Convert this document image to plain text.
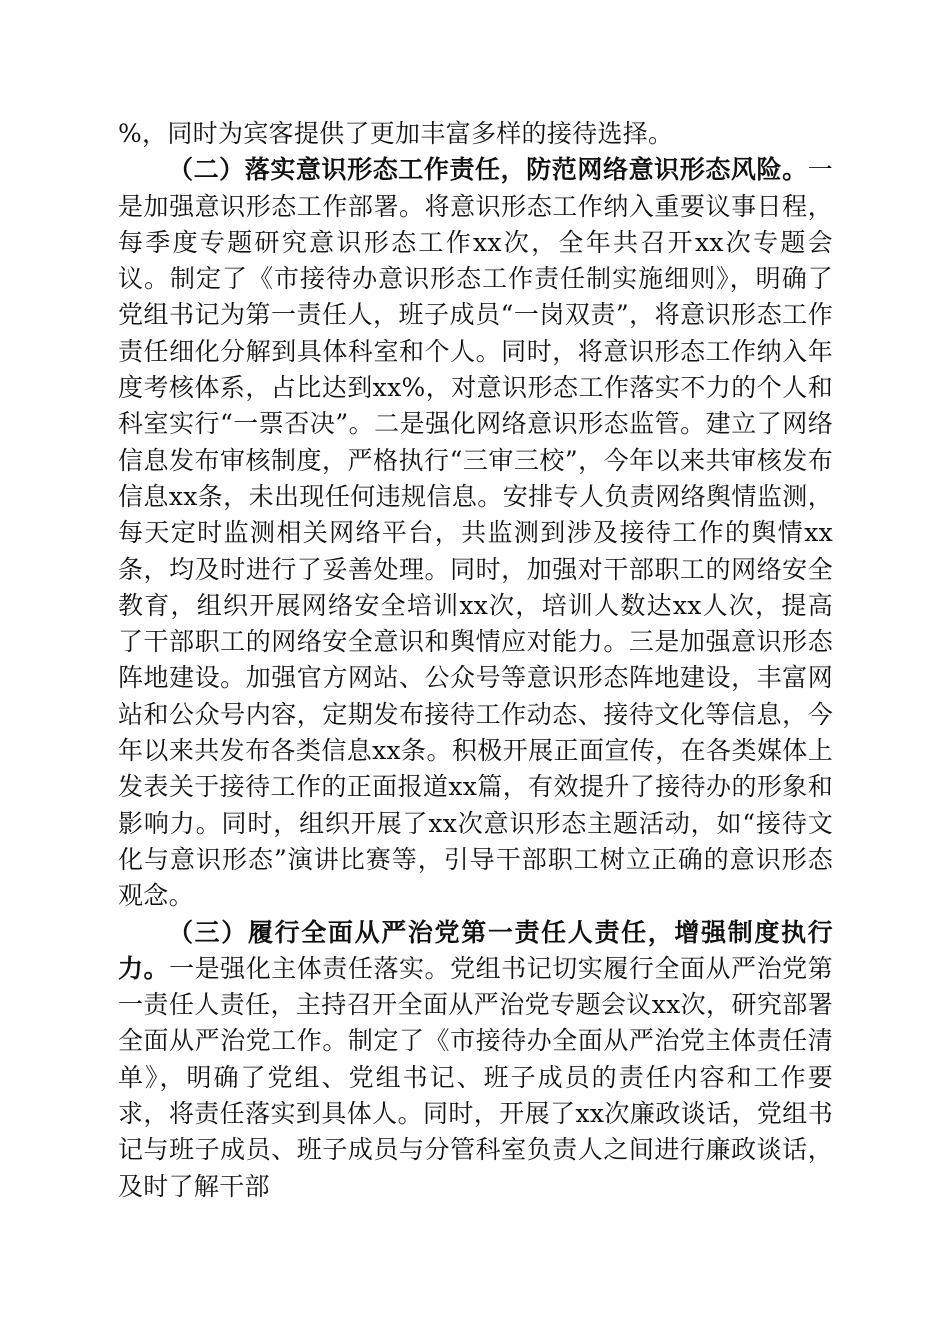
%，同时为宾客提供了更加丰富多样的接待选择。

（二）落实意识形态工作责任，防范网络意识形态风险。一是加强意识形态工作部署。将意识形态工作纳入重要议事日程，每季度专题研究意识形态工作xx次，全年共召开xx次专题会议。制定了《市接待办意识形态工作责任制实施细则》，明确了党组书记为第一责任人，班子成员“一岗双责”，将意识形态工作责任细化分解到具体科室和个人。同时，将意识形态工作纳入年度考核体系，占比达到xx%，对意识形态工作落实不力的个人和科室实行“一票否决”。二是强化网络意识形态监管。建立了网络信息发布审核制度，严格执行“三审三校”，今年以来共审核发布信息xx条，未出现任何违规信息。安排专人负责网络舆情监测，每天定时监测相关网络平台，共监测到涉及接待工作的舆情xx条，均及时进行了妥善处理。同时，加强对干部职工的网络安全教育，组织开展网络安全培训xx次，培训人数达xx人次，提高了干部职工的网络安全意识和舆情应对能力。三是加强意识形态阵地建设。加强官方网站、公众号等意识形态阵地建设，丰富网站和公众号内容，定期发布接待工作动态、接待文化等信息，今年以来共发布各类信息xx条。积极开展正面宣传，在各类媒体上发表关于接待工作的正面报道xx篇，有效提升了接待办的形象和影响力。同时，组织开展了xx次意识形态主题活动，如“接待文化与意识形态”演讲比赛等，引导干部职工树立正确的意识形态观念。

（三）履行全面从严治党第一责任人责任，增强制度执行力。一是强化主体责任落实。党组书记切实履行全面从严治党第一责任人责任，主持召开全面从严治党专题会议xx次，研究部署全面从严治党工作。制定了《市接待办全面从严治党主体责任清单》，明确了党组、党组书记、班子成员的责任内容和工作要求，将责任落实到具体人。同时，开展了xx次廉政谈话，党组书记与班子成员、班子成员与分管科室负责人之间进行廉政谈话，及时了解干部
